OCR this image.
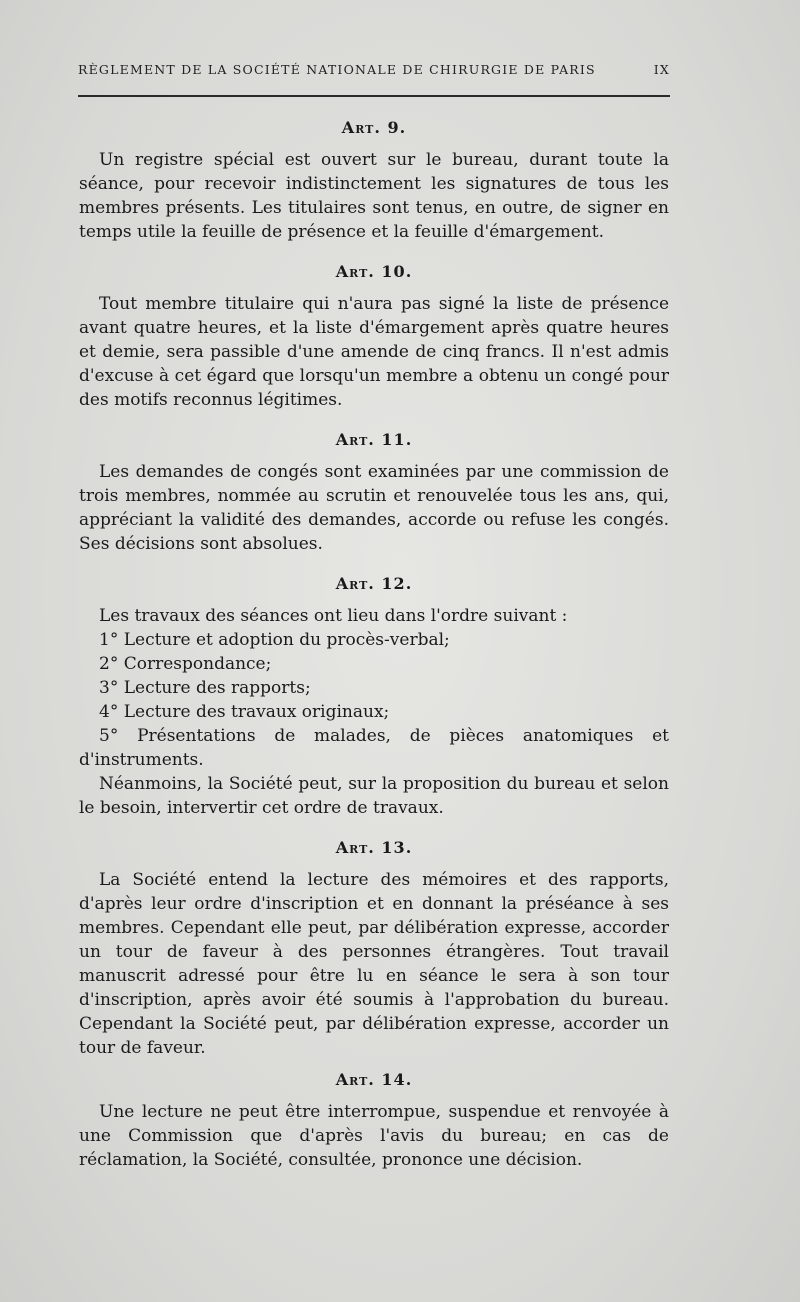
RÈGLEMENT DE LA SOCIÉTÉ NATIONALE DE CHIRURGIE DE PARIS	IX
Art. 9.

Un registre spécial est ouvert sur le bureau, durant toute la séance, pour recevoir indistinctement les signatures de tous les membres présents. Les titulaires sont tenus, en outre, de signer en temps utile la feuille de présence et la feuille d'émargement.

Art. 10.

Tout membre titulaire qui n'aura pas signé la liste de présence avant quatre heures, et la liste d'émargement après quatre heures et demie, sera passible d'une amende de cinq francs. Il n'est admis d'excuse à cet égard que lorsqu'un membre a obtenu un congé pour des motifs reconnus légitimes.

Art. 11.

Les demandes de congés sont examinées par une commission de trois membres, nommée au scrutin et renouvelée tous les ans, qui, appréciant la validité des demandes, accorde ou refuse les congés. Ses décisions sont absolues.

Art. 12.

Les travaux des séances ont lieu dans l'ordre suivant :

1° Lecture et adoption du procès-verbal;

2° Correspondance;

3° Lecture des rapports;

4° Lecture des travaux originaux;

5° Présentations de malades, de pièces anatomiques et d'instruments.

Néanmoins, la Société peut, sur la proposition du bureau et selon le besoin, intervertir cet ordre de travaux.

Art. 13.

La Société entend la lecture des mémoires et des rapports, d'après leur ordre d'inscription et en donnant la préséance à ses membres. Cependant elle peut, par délibération expresse, accorder un tour de faveur à des personnes étrangères. Tout travail manuscrit adressé pour être lu en séance le sera à son tour d'inscription, après avoir été soumis à l'approbation du bureau. Cependant la Société peut, par délibération expresse, accorder un tour de faveur.

Art. 14.

Une lecture ne peut être interrompue, suspendue et renvoyée à une Commission que d'après l'avis du bureau; en cas de réclamation, la Société, consultée, prononce une décision.
